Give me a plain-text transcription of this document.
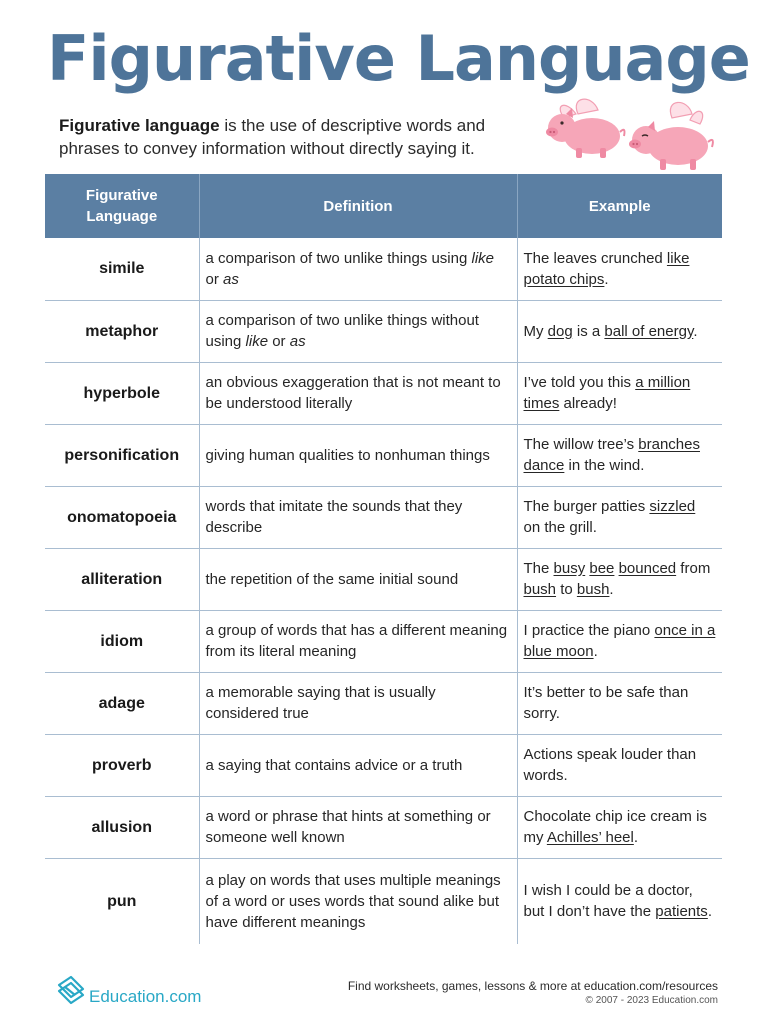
Figurative Language
Figurative language is the use of descriptive words and phrases to convey information without directly saying it.
Figurative Language	Definition	Example
simile	a comparison of two unlike things using like or as	The leaves crunched like potato chips.
metaphor	a comparison of two unlike things without using like or as	My dog is a ball of energy.
hyperbole	an obvious exaggeration that is not meant to be understood literally	I’ve told you this a million times already!
personification	giving human qualities to nonhuman things	The willow tree’s branches dance in the wind.
onomatopoeia	words that imitate the sounds that they describe	The burger patties sizzled on the grill.
alliteration	the repetition of the same initial sound	The busy bee bounced from bush to bush.
idiom	a group of words that has a different meaning from its literal meaning	I practice the piano once in a blue moon.
adage	a memorable saying that is usually considered true	It’s better to be safe than sorry.
proverb	a saying that contains advice or a truth	Actions speak louder than words.
allusion	a word or phrase that hints at something or someone well known	Chocolate chip ice cream is my Achilles’ heel.
pun	a play on words that uses multiple meanings of a word or uses words that sound alike but have different meanings	I wish I could be a doctor, but I don’t have the patients.
Education.com
Find worksheets, games, lessons & more at education.com/resources
© 2007 - 2023 Education.com
